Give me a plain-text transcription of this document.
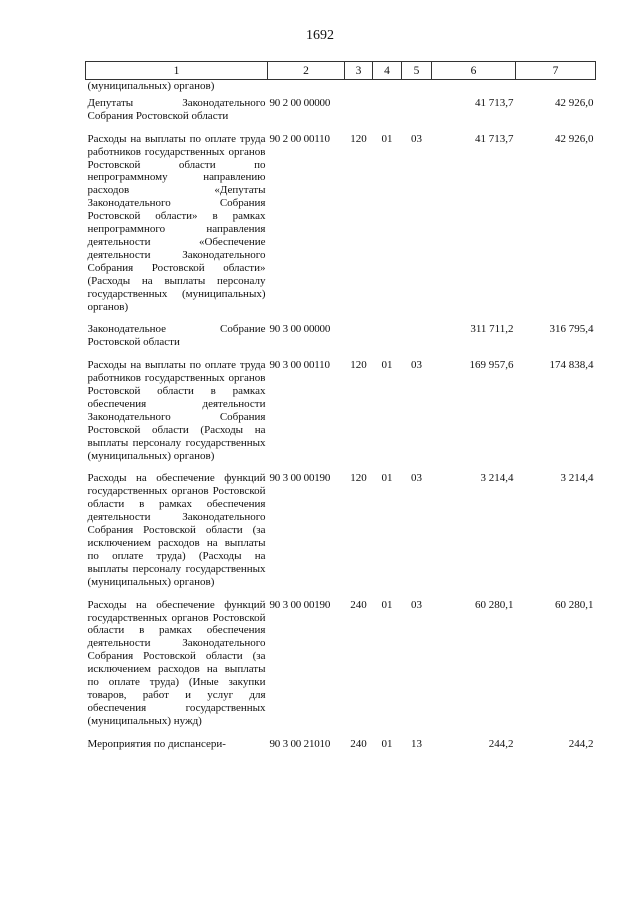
1692
1	2	3	4	5	6	7
(муниципальных) органов)						
Депутаты Законодательного Собрания Ростовской области	90 2 00 00000				41 713,7	42 926,0
Расходы на выплаты по оплате труда работников государственных органов Ростовской области по непрограммному направлению расходов «Депутаты Законодательного Собрания Ростовской области» в рамках непрограммного направления деятельности «Обеспечение деятельности Законодательного Собрания Ростовской области» (Расходы на выплаты персоналу государственных (муниципальных) органов)	90 2 00 00110	120	01	03	41 713,7	42 926,0
Законодательное Собрание Ростовской области	90 3 00 00000				311 711,2	316 795,4
Расходы на выплаты по оплате труда работников государственных органов Ростовской области в рамках обеспечения деятельности Законодательного Собрания Ростовской области (Расходы на выплаты персоналу государственных (муниципальных) органов)	90 3 00 00110	120	01	03	169 957,6	174 838,4
Расходы на обеспечение функций государственных органов Ростовской области в рамках обеспечения деятельности Законодательного Собрания Ростовской области (за исключением расходов на выплаты по оплате труда) (Расходы на выплаты персоналу государственных (муниципальных) органов)	90 3 00 00190	120	01	03	3 214,4	3 214,4
Расходы на обеспечение функций государственных органов Ростовской области в рамках обеспечения деятельности Законодательного Собрания Ростовской области (за исключением расходов на выплаты по оплате труда) (Иные закупки товаров, работ и услуг для обеспечения государственных (муниципальных) нужд)	90 3 00 00190	240	01	03	60 280,1	60 280,1
Мероприятия по диспансери-	90 3 00 21010	240	01	13	244,2	244,2
